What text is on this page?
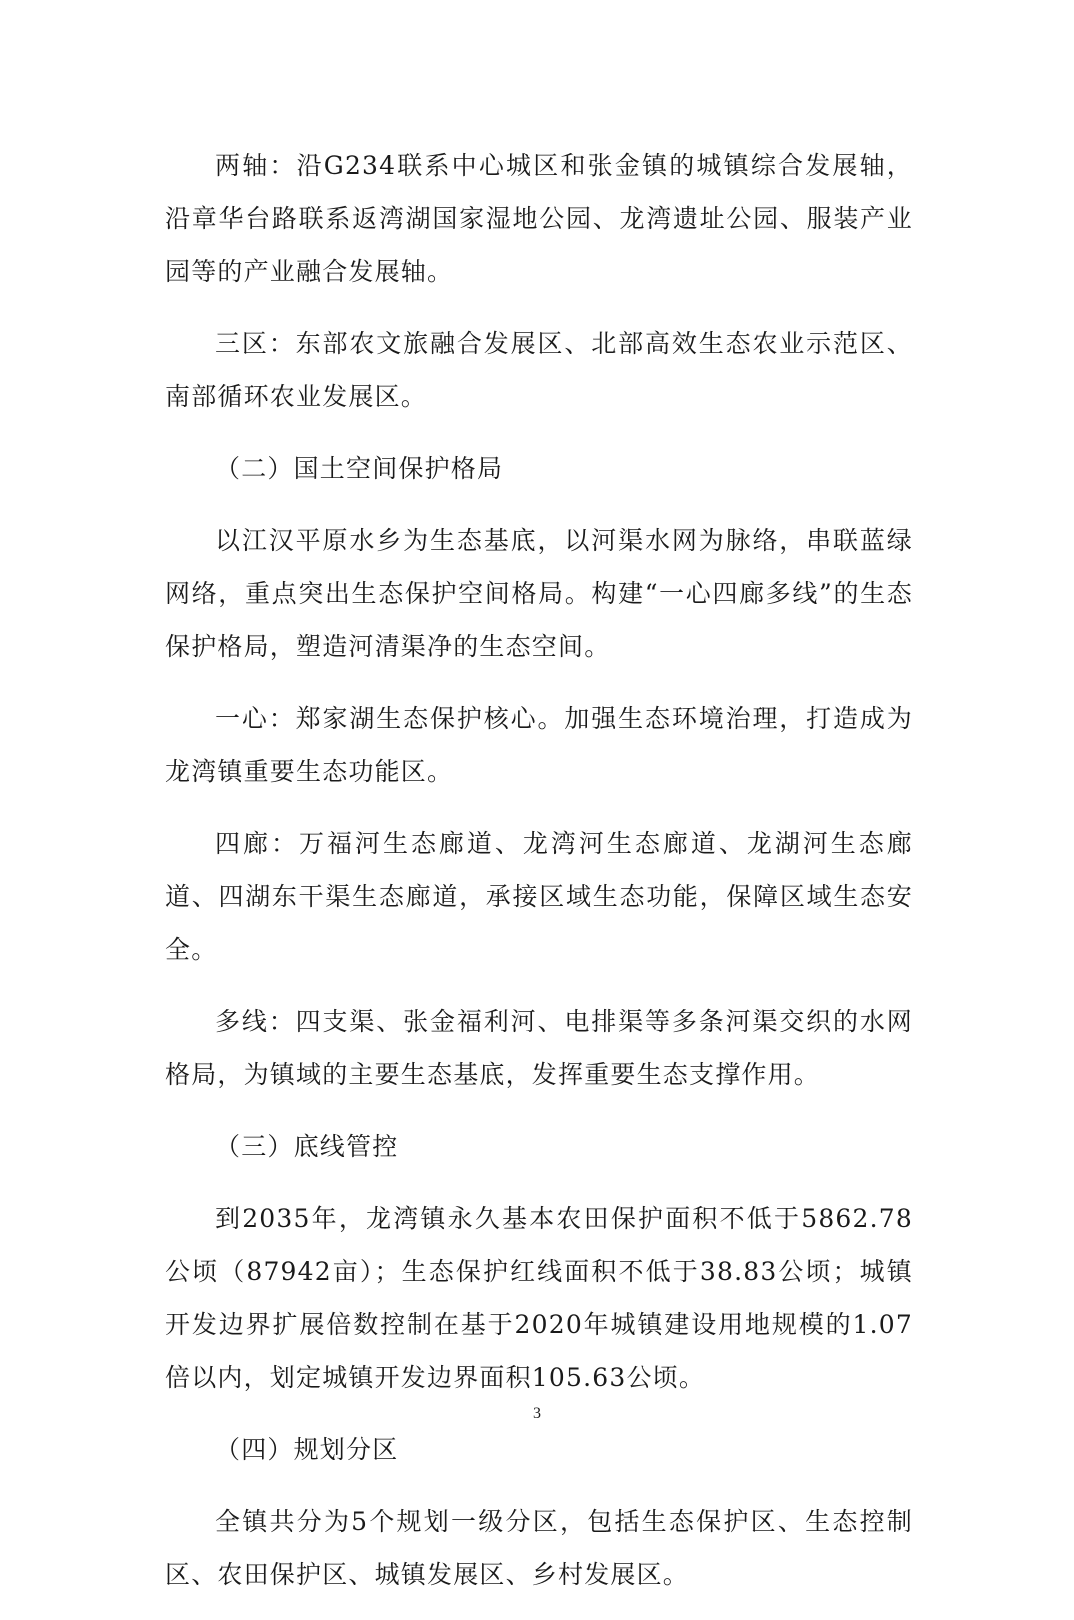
两轴：沿G234联系中心城区和张金镇的城镇综合发展轴，沿章华台路联系返湾湖国家湿地公园、龙湾遗址公园、服装产业园等的产业融合发展轴。

三区：东部农文旅融合发展区、北部高效生态农业示范区、南部循环农业发展区。

（二）国土空间保护格局

以江汉平原水乡为生态基底，以河渠水网为脉络，串联蓝绿网络，重点突出生态保护空间格局。构建“一心四廊多线”的生态保护格局，塑造河清渠净的生态空间。

一心：郑家湖生态保护核心。加强生态环境治理，打造成为龙湾镇重要生态功能区。

四廊：万福河生态廊道、龙湾河生态廊道、龙湖河生态廊道、四湖东干渠生态廊道，承接区域生态功能，保障区域生态安全。

多线：四支渠、张金福利河、电排渠等多条河渠交织的水网格局，为镇域的主要生态基底，发挥重要生态支撑作用。

（三）底线管控

到2035年，龙湾镇永久基本农田保护面积不低于5862.78公顷（87942亩）；生态保护红线面积不低于38.83公顷；城镇开发边界扩展倍数控制在基于2020年城镇建设用地规模的1.07倍以内，划定城镇开发边界面积105.63公顷。

（四）规划分区

全镇共分为5个规划一级分区，包括生态保护区、生态控制区、农田保护区、城镇发展区、乡村发展区。

3
